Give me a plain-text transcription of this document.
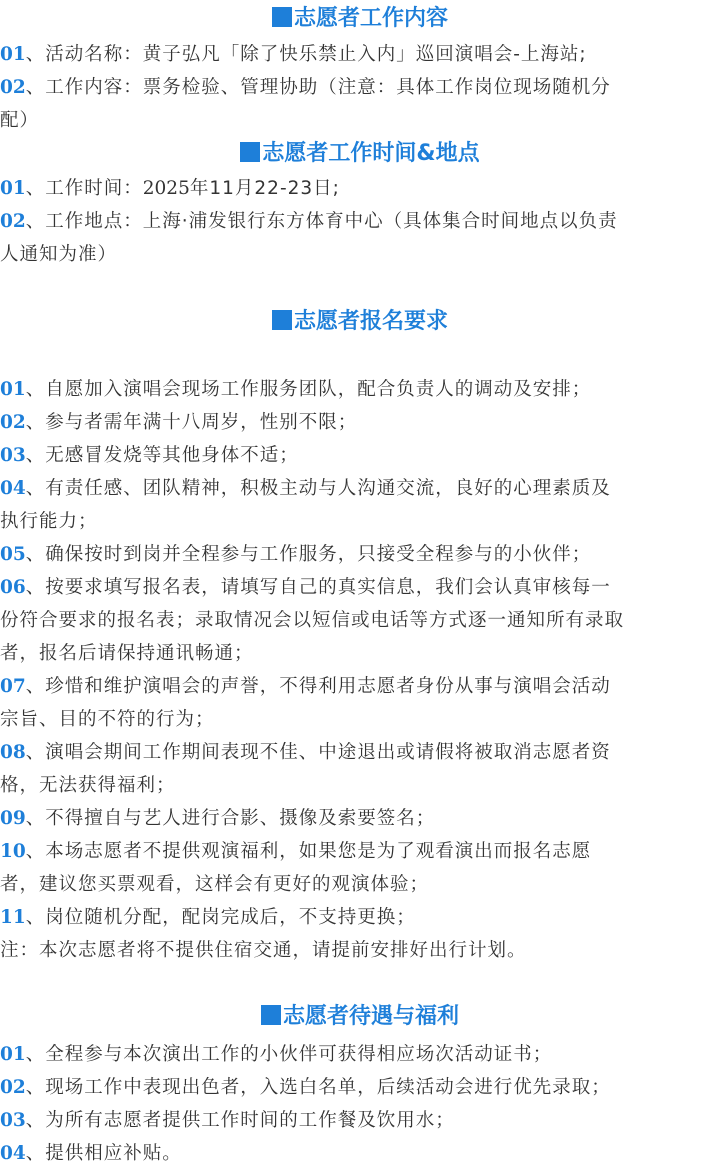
志愿者工作内容
01、活动名称：黄子弘凡「除了快乐禁止入内」巡回演唱会-上海站;
02、工作内容：票务检验、管理协助（注意：具体工作岗位现场随机分
配）
志愿者工作时间&地点
01、工作时间：2025年11月22-23日;
02、工作地点：上海·浦发银行东方体育中心（具体集合时间地点以负责
人通知为准）
志愿者报名要求
01、自愿加入演唱会现场工作服务团队，配合负责人的调动及安排；
02、参与者需年满十八周岁，性别不限；
03、无感冒发烧等其他身体不适；
04、有责任感、团队精神，积极主动与人沟通交流，良好的心理素质及
执行能力；
05、确保按时到岗并全程参与工作服务，只接受全程参与的小伙伴；
06、按要求填写报名表，请填写自己的真实信息，我们会认真审核每一
份符合要求的报名表；录取情况会以短信或电话等方式逐一通知所有录取
者，报名后请保持通讯畅通；
07、珍惜和维护演唱会的声誉，不得利用志愿者身份从事与演唱会活动
宗旨、目的不符的行为；
08、演唱会期间工作期间表现不佳、中途退出或请假将被取消志愿者资
格，无法获得福利；
09、不得擅自与艺人进行合影、摄像及索要签名；
10、本场志愿者不提供观演福利，如果您是为了观看演出而报名志愿
者，建议您买票观看，这样会有更好的观演体验；
11、岗位随机分配，配岗完成后，不支持更换；
注：本次志愿者将不提供住宿交通，请提前安排好出行计划。
志愿者待遇与福利
01、全程参与本次演出工作的小伙伴可获得相应场次活动证书；
02、现场工作中表现出色者，入选白名单，后续活动会进行优先录取；
03、为所有志愿者提供工作时间的工作餐及饮用水；
04、提供相应补贴。
